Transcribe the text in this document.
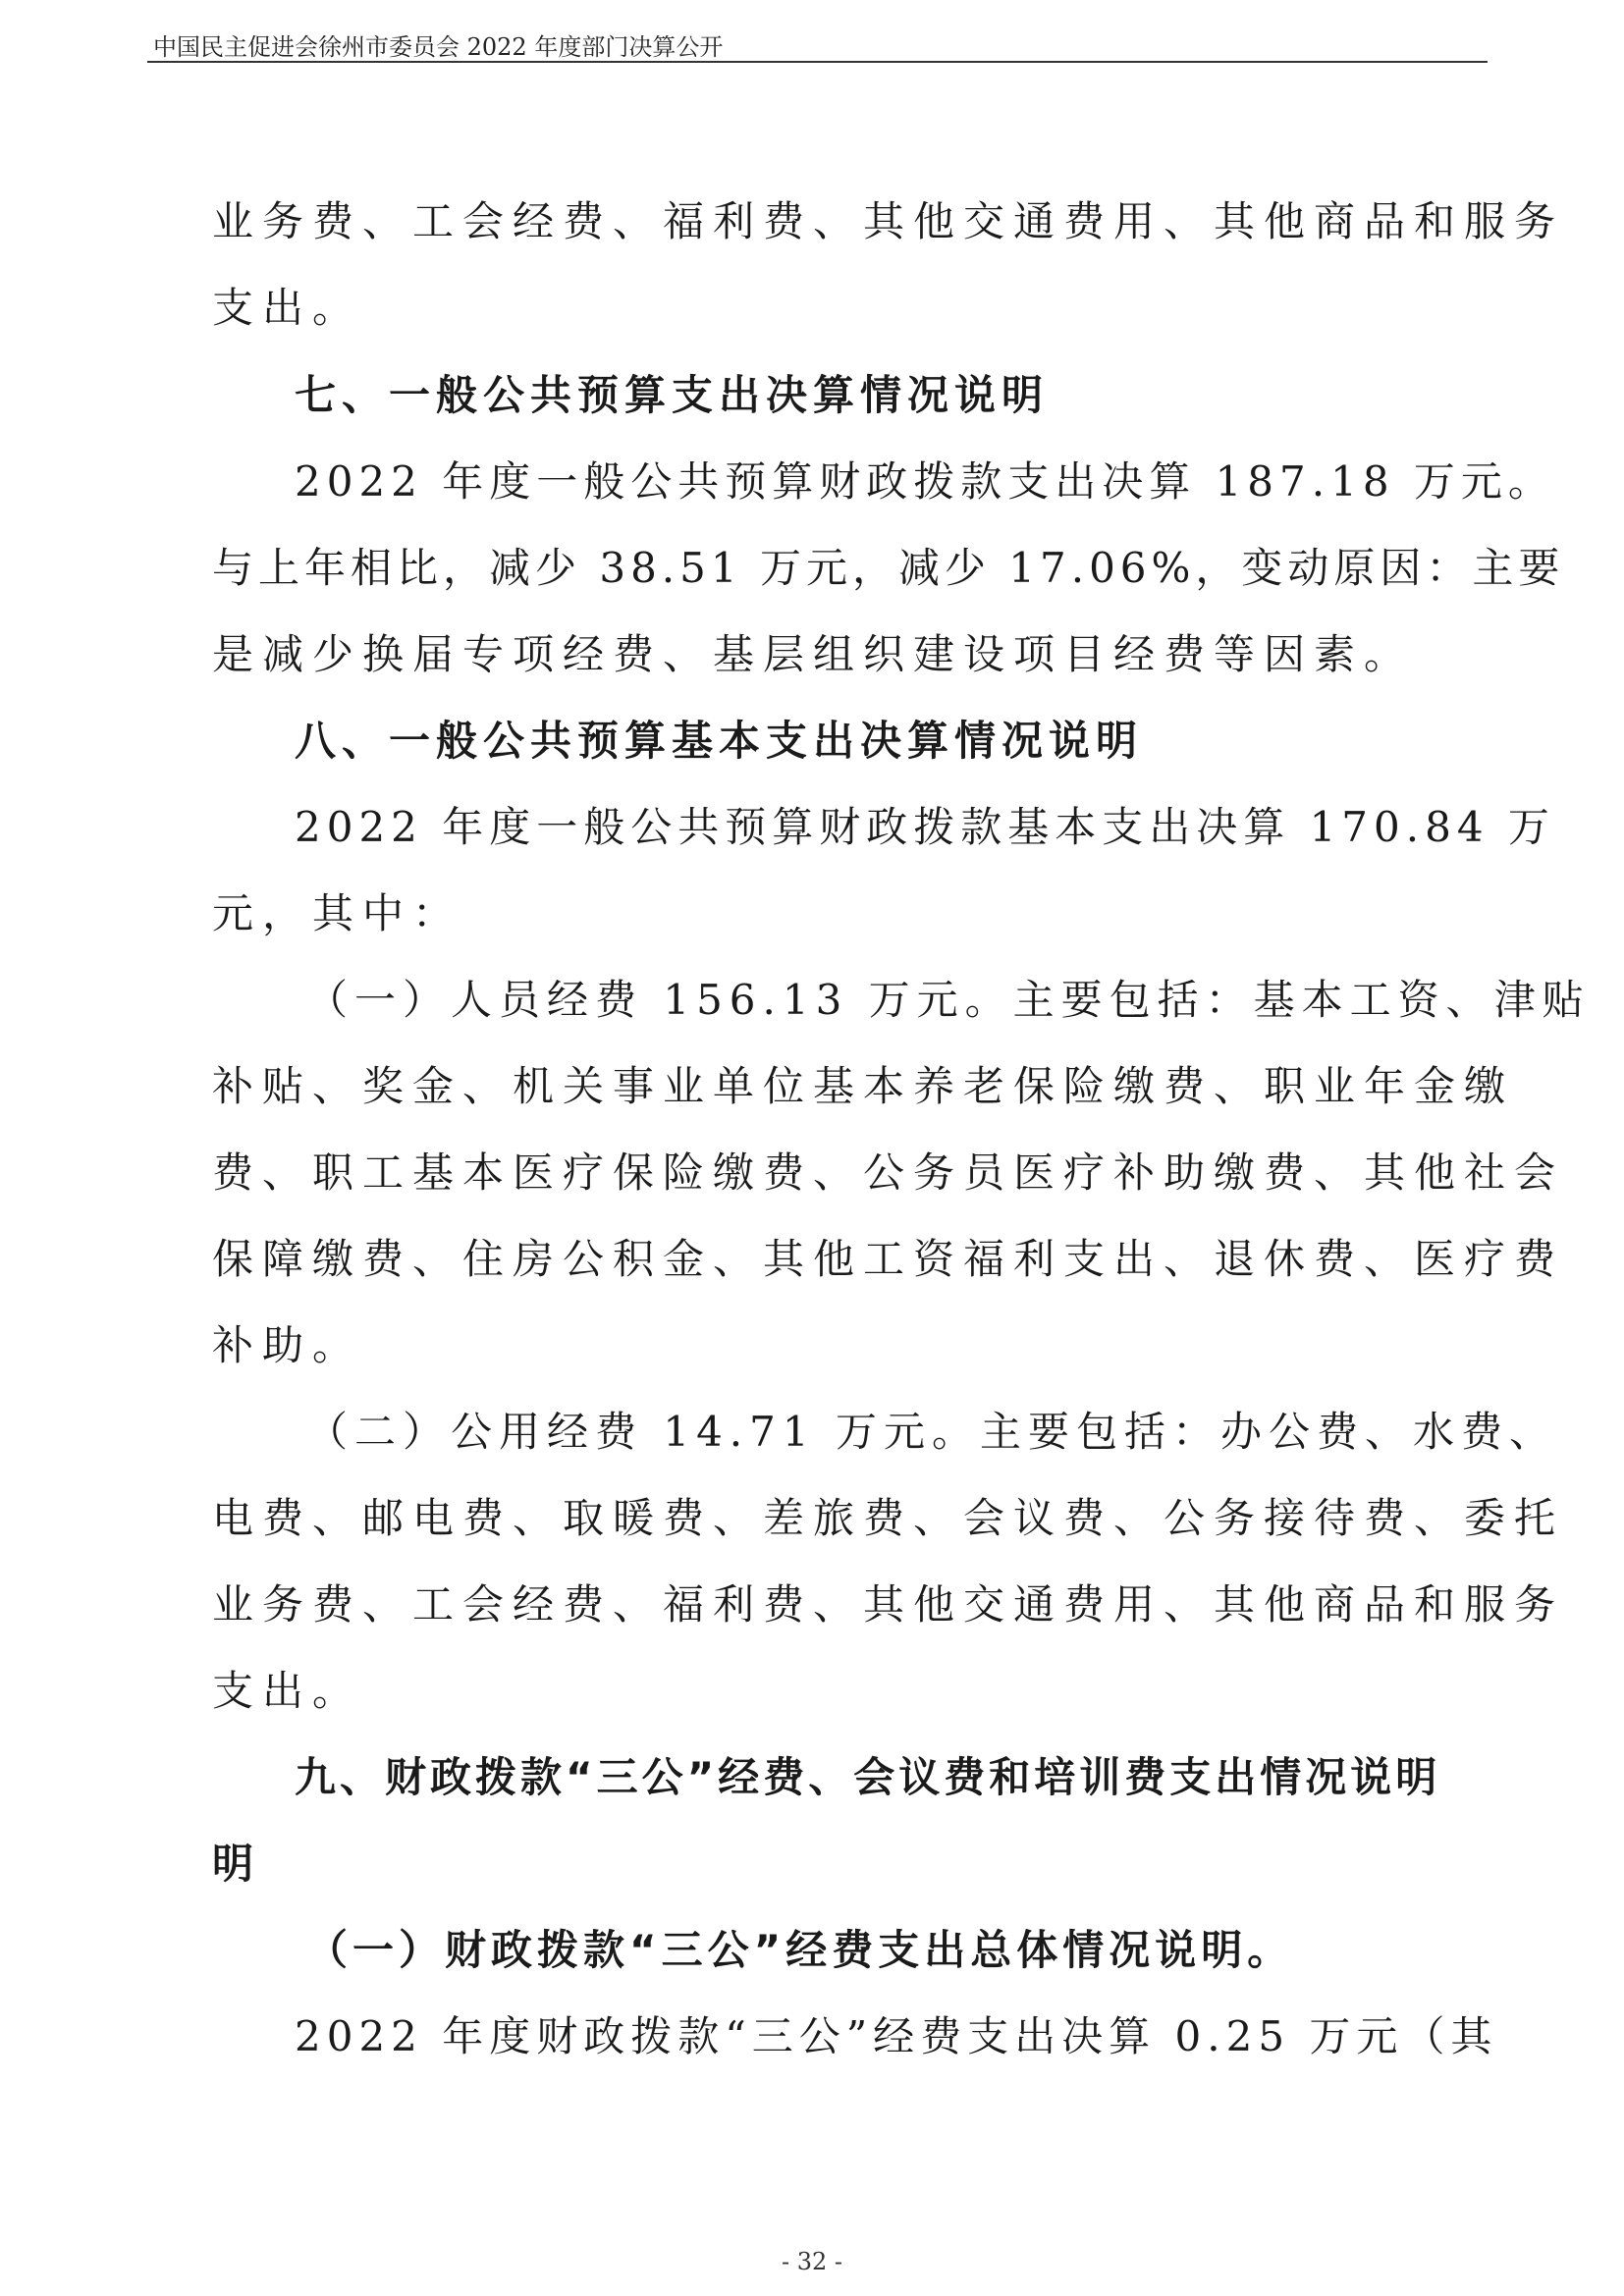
中国民主促进会徐州市委员会 2022 年度部门决算公开
业务费、工会经费、福利费、其他交通费用、其他商品和服务
支出。
七、一般公共预算支出决算情况说明
2022 年度一般公共预算财政拨款支出决算 187.18 万元。
与上年相比，减少 38.51 万元，减少 17.06%，变动原因：主要
是减少换届专项经费、基层组织建设项目经费等因素。
八、一般公共预算基本支出决算情况说明
2022 年度一般公共预算财政拨款基本支出决算 170.84 万
元，其中：
（一）人员经费 156.13 万元。主要包括：基本工资、津贴
补贴、奖金、机关事业单位基本养老保险缴费、职业年金缴
费、职工基本医疗保险缴费、公务员医疗补助缴费、其他社会
保障缴费、住房公积金、其他工资福利支出、退休费、医疗费
补助。
（二）公用经费 14.71 万元。主要包括：办公费、水费、
电费、邮电费、取暖费、差旅费、会议费、公务接待费、委托
业务费、工会经费、福利费、其他交通费用、其他商品和服务
支出。
九、财政拨款“三公”经费、会议费和培训费支出情况说明
明
（一）财政拨款“三公”经费支出总体情况说明。
2022 年度财政拨款“三公”经费支出决算 0.25 万元（其
- 32 -
